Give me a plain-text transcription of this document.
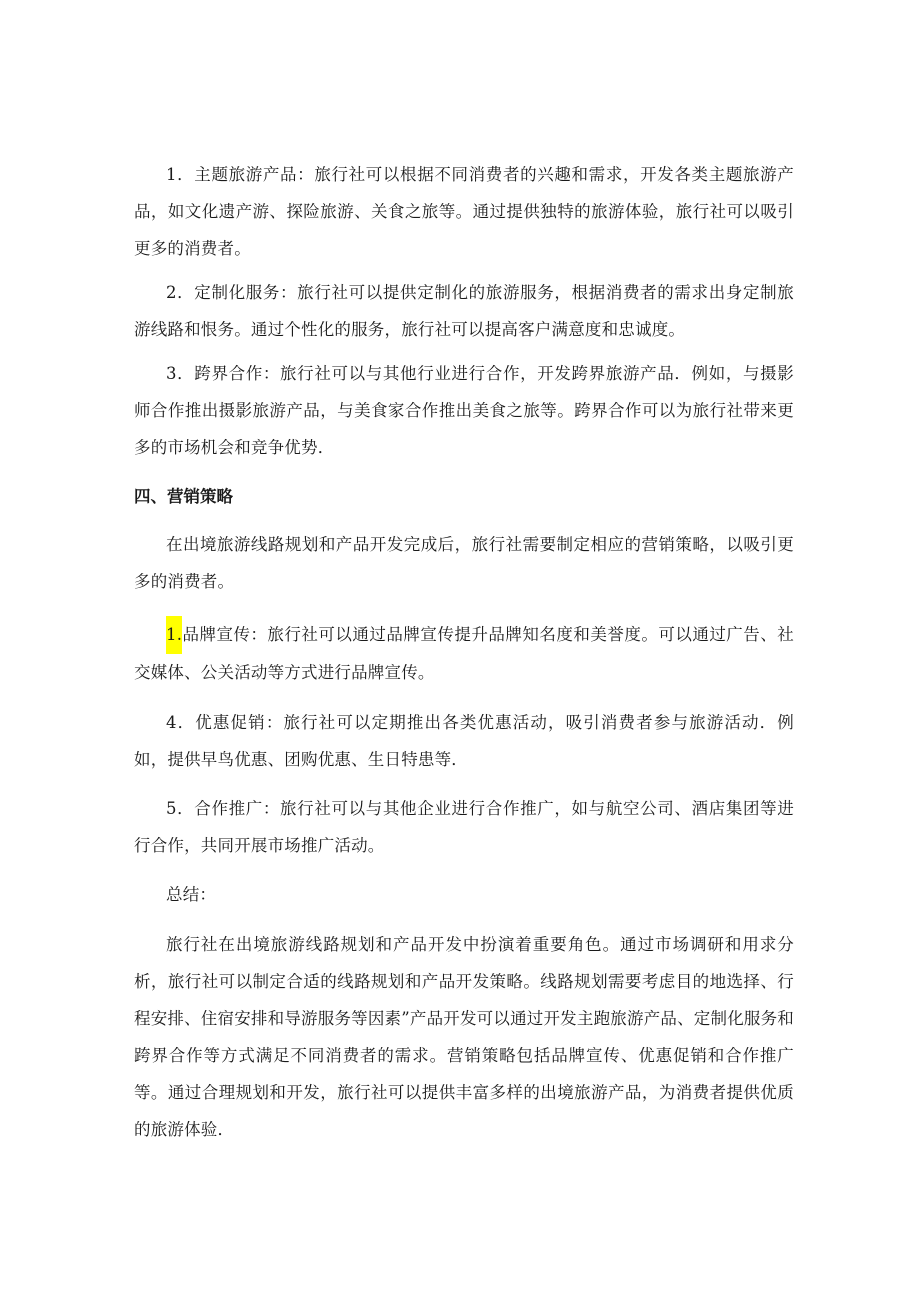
1．主题旅游产品：旅行社可以根据不同消费者的兴趣和需求，开发各类主题旅游产品，如文化遗产游、探险旅游、关食之旅等。通过提供独特的旅游体验，旅行社可以吸引更多的消费者。

2．定制化服务：旅行社可以提供定制化的旅游服务，根据消费者的需求出身定制旅游线路和恨务。通过个性化的服务，旅行社可以提高客户满意度和忠诚度。

3．跨界合作：旅行社可以与其他行业进行合作，开发跨界旅游产品．例如，与摄影师合作推出摄影旅游产品，与美食家合作推出美食之旅等。跨界合作可以为旅行社带来更多的市场机会和竞争优势．

四、营销策略

在出境旅游线路规划和产品开发完成后，旅行社需要制定相应的营销策略，以吸引更多的消费者。

1.品牌宣传：旅行社可以通过品牌宣传提升品牌知名度和美誉度。可以通过广告、社交媒体、公关活动等方式进行品牌宣传。

4．优惠促销：旅行社可以定期推出各类优惠活动，吸引消费者参与旅游活动．例如，提供早鸟优惠、团购优惠、生日特患等．

5．合作推广：旅行社可以与其他企业进行合作推广，如与航空公司、酒店集团等进行合作，共同开展市场推广活动。

总结：

旅行社在出境旅游线路规划和产品开发中扮演着重要角色。通过市场调研和用求分析，旅行社可以制定合适的线路规划和产品开发策略。线路规划需要考虑目的地选择、行程安排、住宿安排和导游服务等因素”产品开发可以通过开发主跑旅游产品、定制化服务和跨界合作等方式满足不同消费者的需求。营销策略包括品牌宣传、优惠促销和合作推广等。通过合理规划和开发，旅行社可以提供丰富多样的出境旅游产品，为消费者提供优质的旅游体验．
